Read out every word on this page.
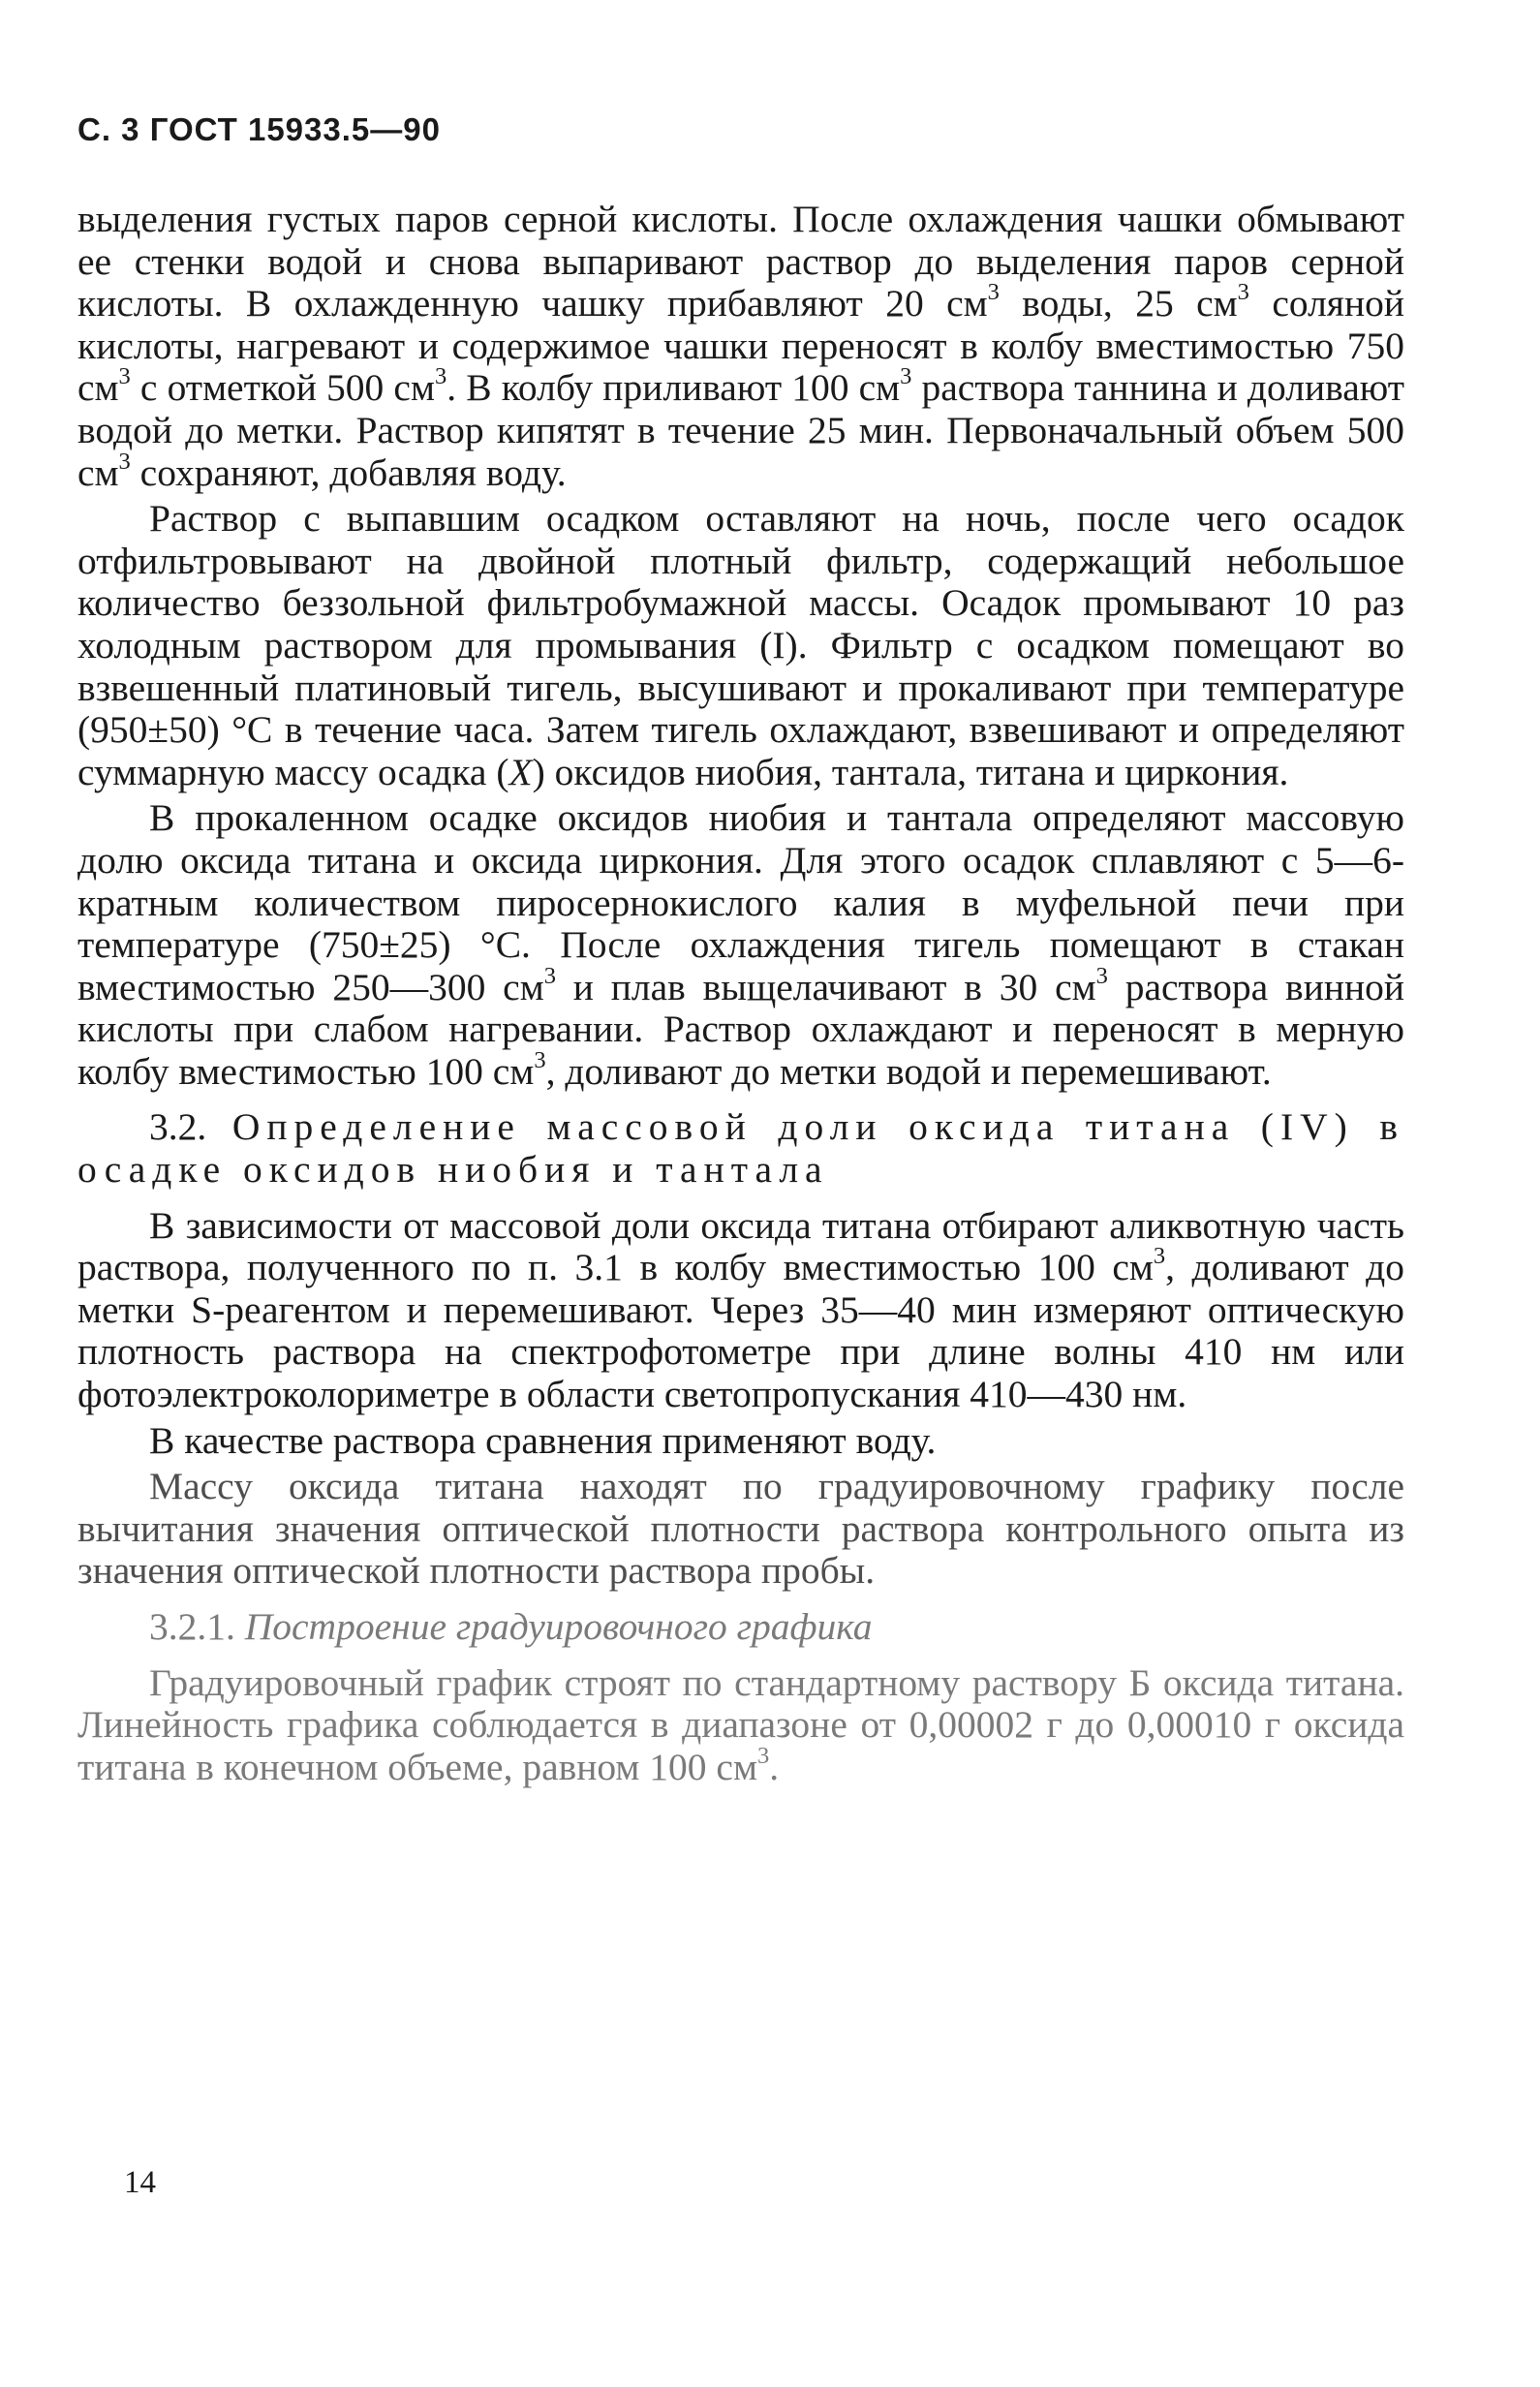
С. 3 ГОСТ 15933.5—90

выделения густых паров серной кислоты. После охлаждения чашки обмывают ее стенки водой и снова выпаривают раствор до выделения паров серной кислоты. В охлажденную чашку прибавляют 20 $см^3$ воды, 25 $см^3$ соляной кислоты, нагревают и содержимое чашки переносят в колбу вместимостью 750 $см^3$ с отметкой 500 $см^3$. В колбу приливают 100 $см^3$ раствора таннина и доливают водой до метки. Раствор кипятят в течение 25 мин. Первоначальный объем 500 $см^3$ сохраняют, добавляя воду.

Раствор с выпавшим осадком оставляют на ночь, после чего осадок отфильтровывают на двойной плотный фильтр, содержащий небольшое количество беззольной фильтробумажной массы. Осадок промывают 10 раз холодным раствором для промывания (I). Фильтр с осадком помещают во взвешенный платиновый тигель, высушивают и прокаливают при температуре (950±50) °С в течение часа. Затем тигель охлаждают, взвешивают и определяют суммарную массу осадка (X) оксидов ниобия, тантала, титана и циркония.

В прокаленном осадке оксидов ниобия и тантала определяют массовую долю оксида титана и оксида циркония. Для этого осадок сплавляют с 5—6-кратным количеством пиросернокислого калия в муфельной печи при температуре (750±25) °С. После охлаждения тигель помещают в стакан вместимостью 250—300 $см^3$ и плав выщелачивают в 30 $см^3$ раствора винной кислоты при слабом нагревании. Раствор охлаждают и переносят в мерную колбу вместимостью 100 $см^3$, доливают до метки водой и перемешивают.

3.2. Определение массовой доли оксида титана (IV) в осадке оксидов ниобия и тантала

В зависимости от массовой доли оксида титана отбирают аликвотную часть раствора, полученного по п. 3.1 в колбу вместимостью 100 $см^3$, доливают до метки S-реагентом и перемешивают. Через 35—40 мин измеряют оптическую плотность раствора на спектрофотометре при длине волны 410 нм или фотоэлектроколориметре в области светопропускания 410—430 нм.

В качестве раствора сравнения применяют воду.

Массу оксида титана находят по градуировочному графику после вычитания значения оптической плотности раствора контрольного опыта из значения оптической плотности раствора пробы.

3.2.1. Построение градуировочного графика

Градуировочный график строят по стандартному раствору Б оксида титана. Линейность графика соблюдается в диапазоне от 0,00002 г до 0,00010 г оксида титана в конечном объеме, равном 100 $см^3$.

14
